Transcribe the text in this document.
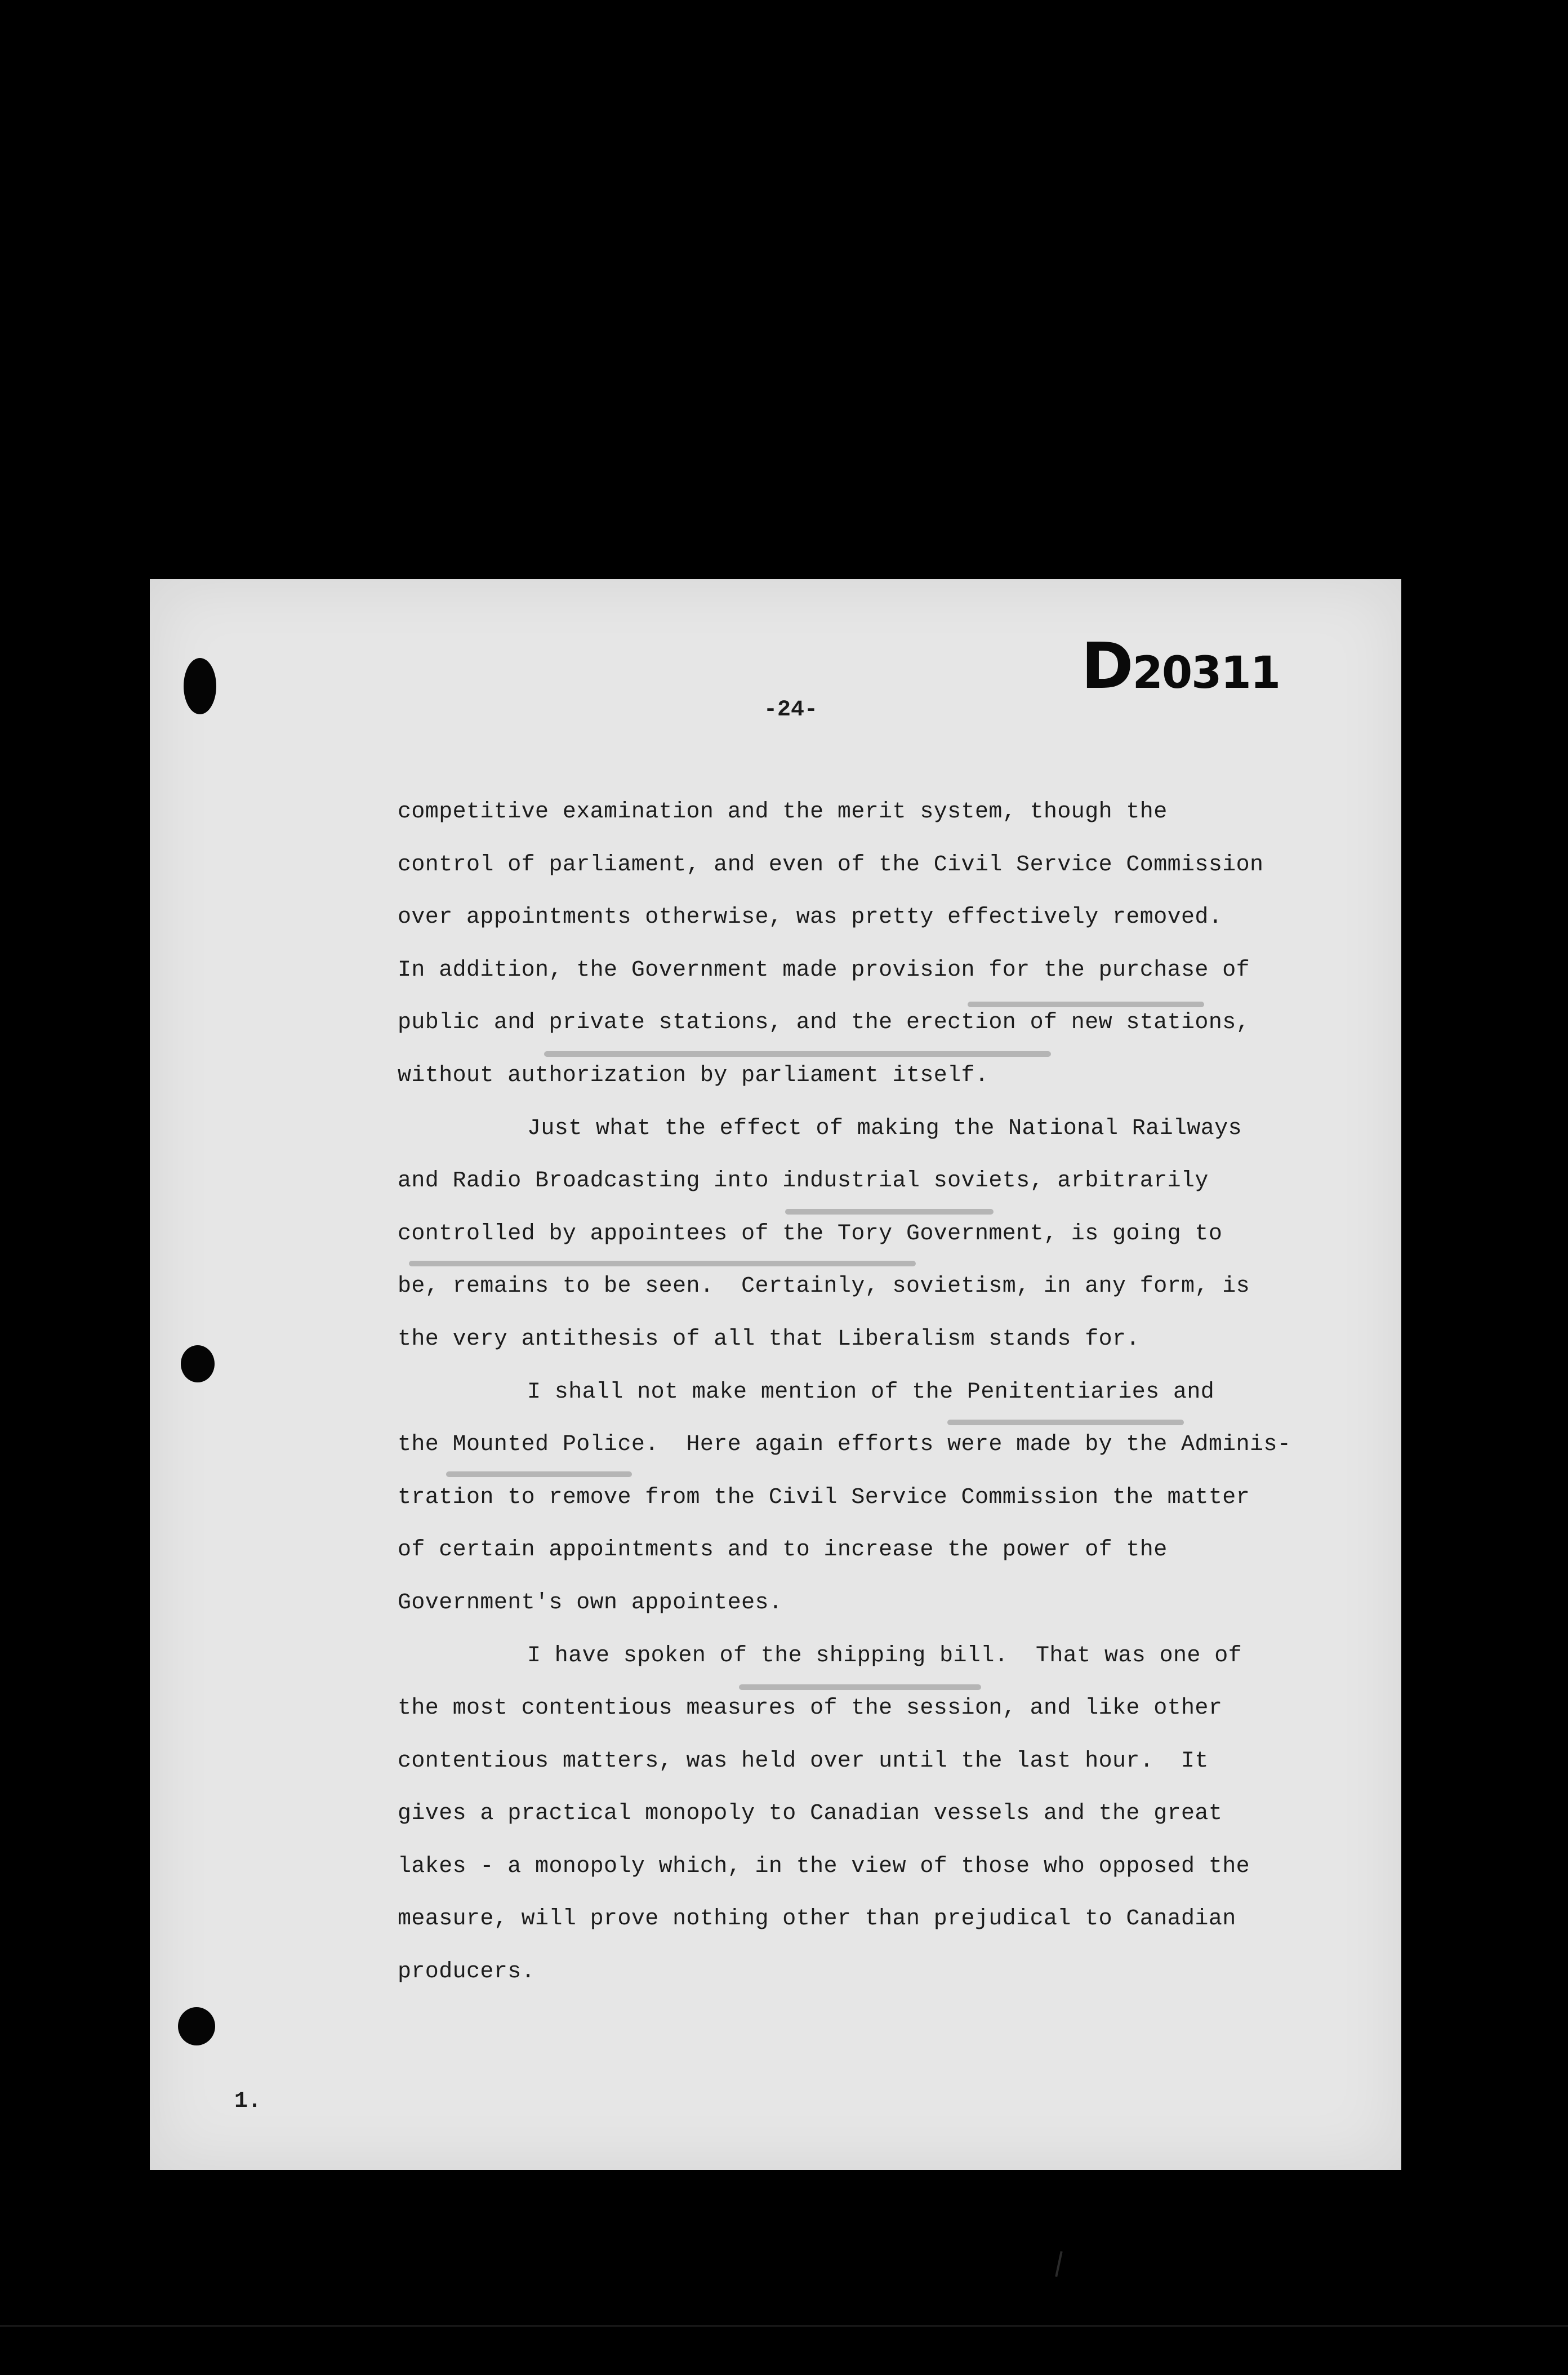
D20311
-24-
competitive examination and the merit system, though the
control of parliament, and even of the Civil Service Commission
over appointments otherwise, was pretty effectively removed.
In addition, the Government made provision for the purchase of
public and private stations, and the erection of new stations,
without authorization by parliament itself.
Just what the effect of making the National Railways
and Radio Broadcasting into industrial soviets, arbitrarily
controlled by appointees of the Tory Government, is going to
be, remains to be seen.  Certainly, sovietism, in any form, is
the very antithesis of all that Liberalism stands for.
I shall not make mention of the Penitentiaries and
the Mounted Police.  Here again efforts were made by the Adminis-
tration to remove from the Civil Service Commission the matter
of certain appointments and to increase the power of the
Government's own appointees.
I have spoken of the shipping bill.  That was one of
the most contentious measures of the session, and like other
contentious matters, was held over until the last hour.  It
gives a practical monopoly to Canadian vessels and the great
lakes - a monopoly which, in the view of those who opposed the
measure, will prove nothing other than prejudical to Canadian
producers.
1.
